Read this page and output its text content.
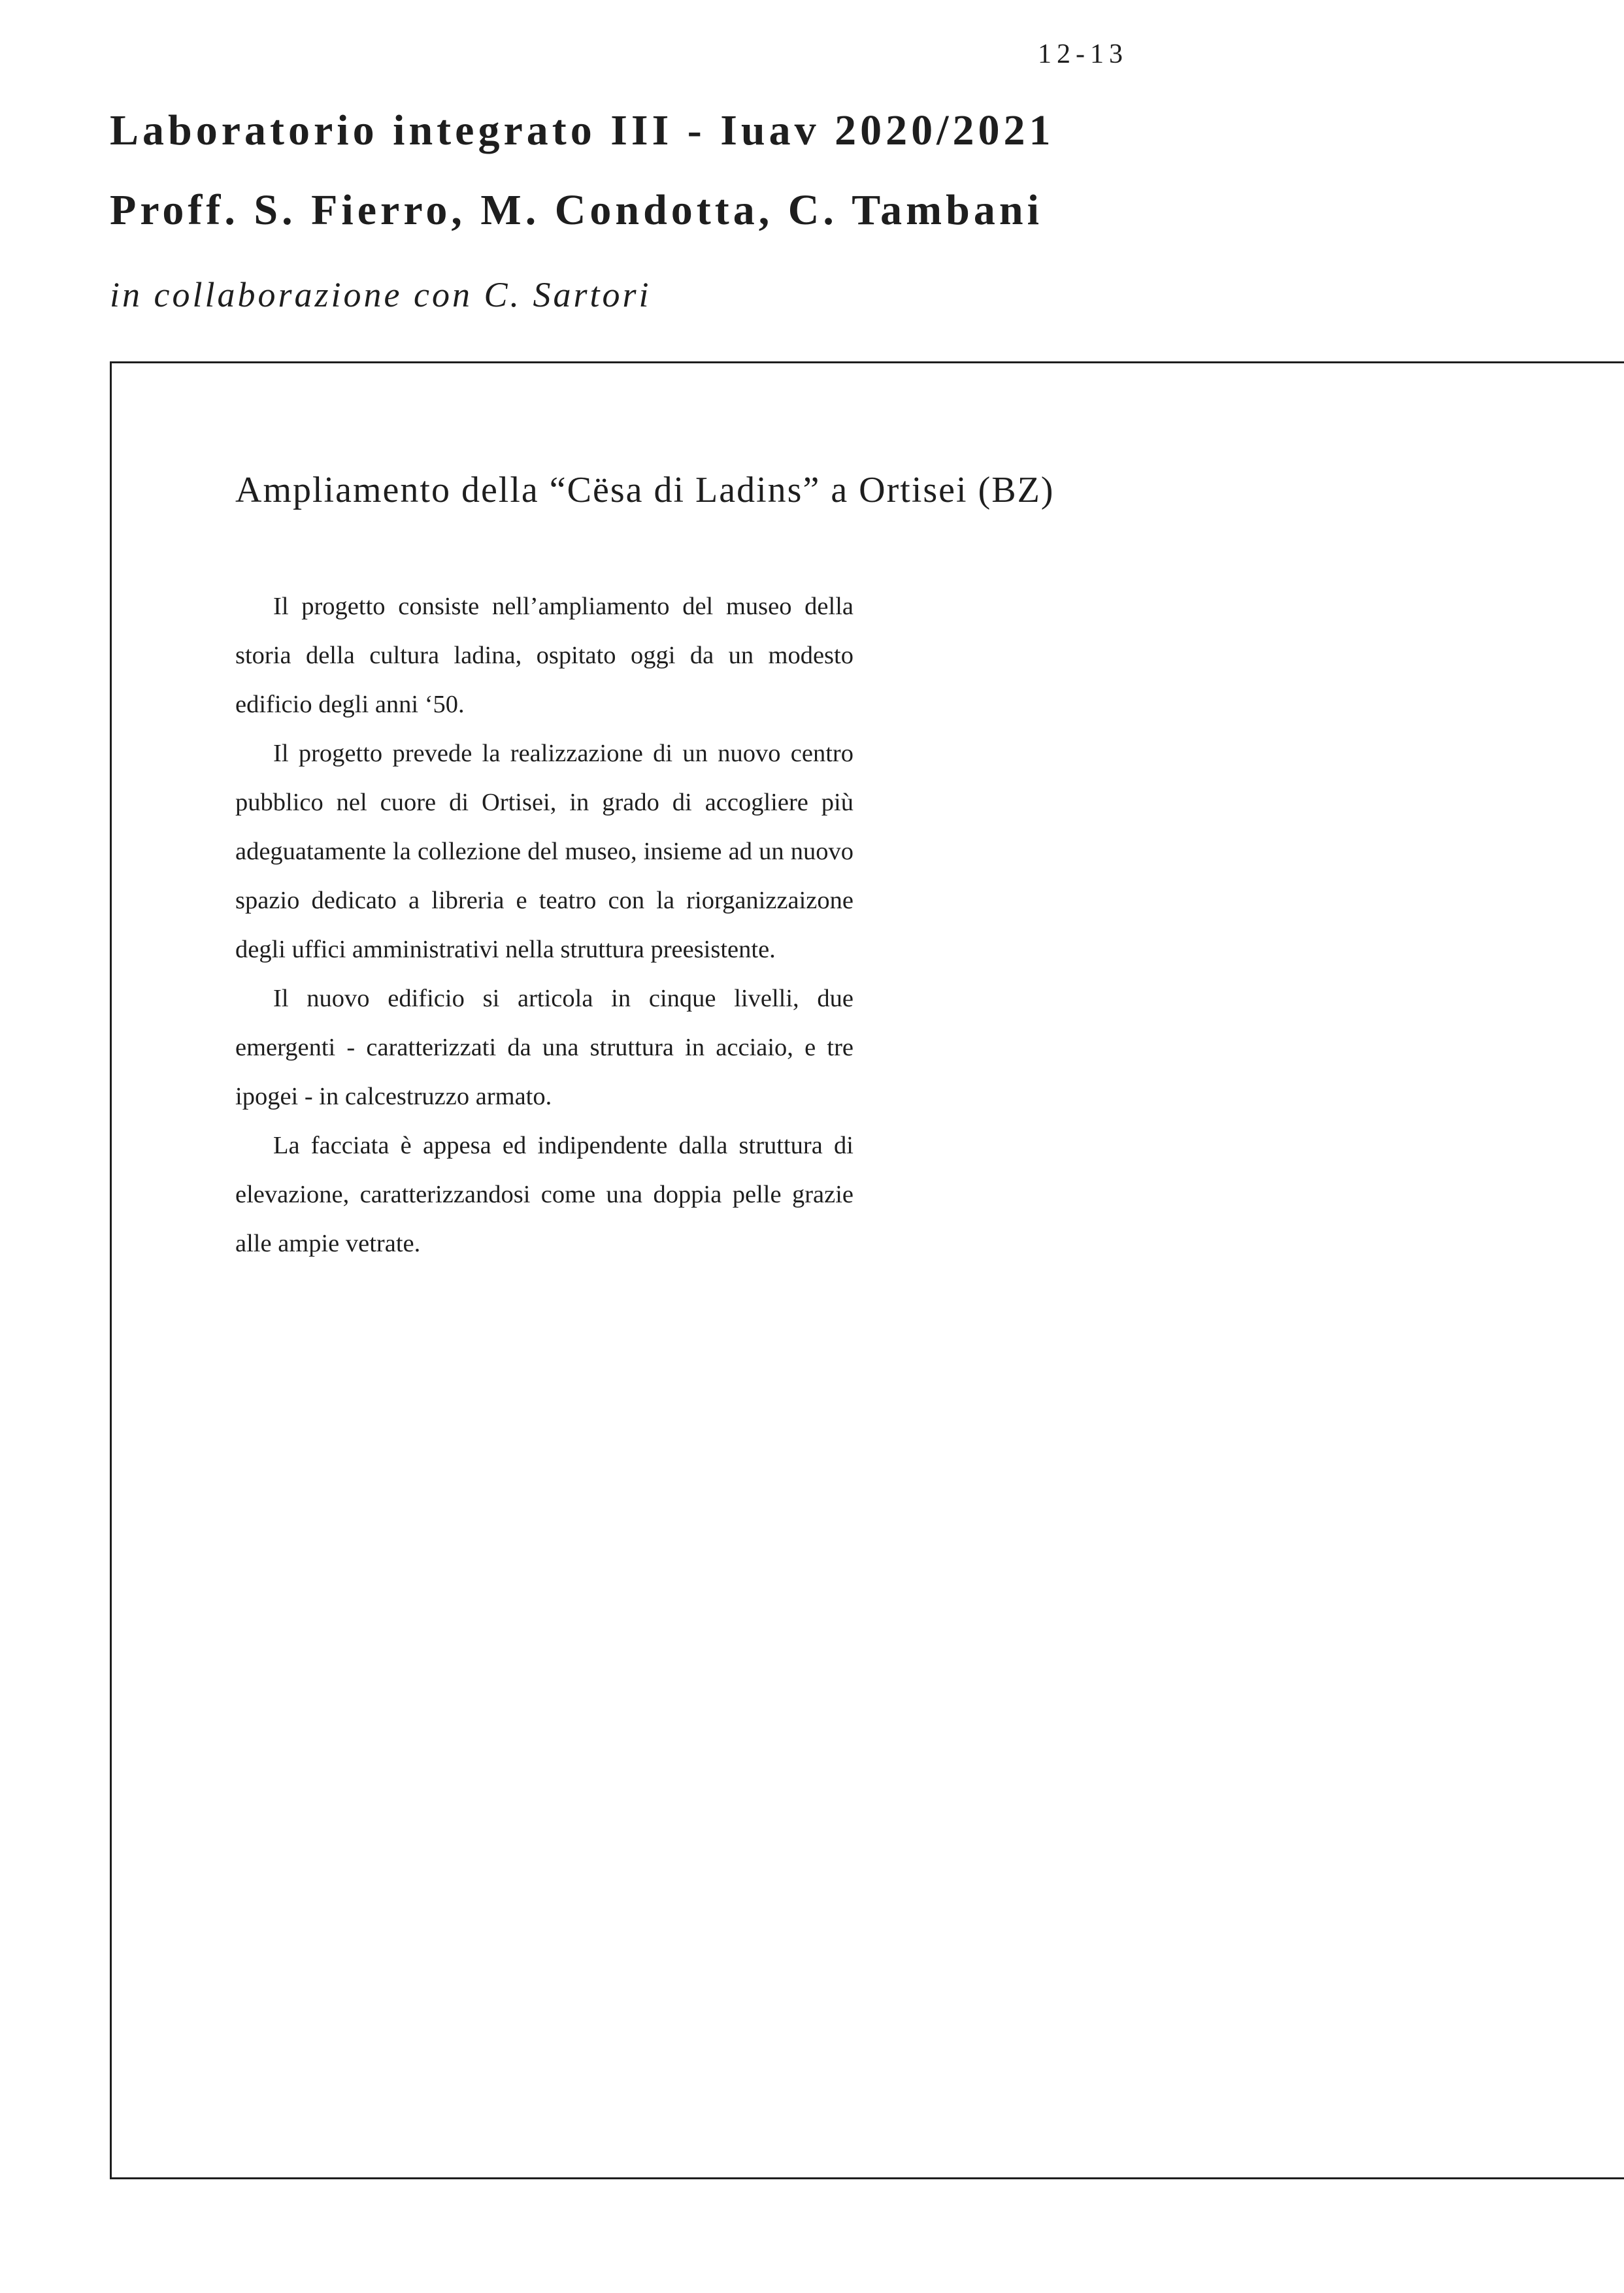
12-13
Laboratorio integrato III - Iuav 2020/2021
Proff. S. Fierro, M. Condotta, C. Tambani
in collaborazione con C. Sartori
Ampliamento della “Cësa di Ladins” a Ortisei (BZ)

Il progetto consiste nell’ampliamento del museo della storia della cultura ladina, ospitato oggi da un modesto edificio degli anni ‘50.

Il progetto prevede la realizzazione di un nuovo centro pubblico nel cuore di Ortisei, in grado di accogliere più adeguatamente la collezione del museo, insieme ad un nuovo spazio dedicato a libreria e teatro con la riorganizzaizone degli uffici amministrativi nella struttura preesistente.

Il nuovo edificio si articola in cinque livelli, due emergenti - caratterizzati da una struttura in acciaio, e tre ipogei - in calcestruzzo armato.

La facciata è appesa ed indipendente dalla struttura di elevazione, caratterizzandosi come una doppia pelle grazie alle ampie vetrate.
